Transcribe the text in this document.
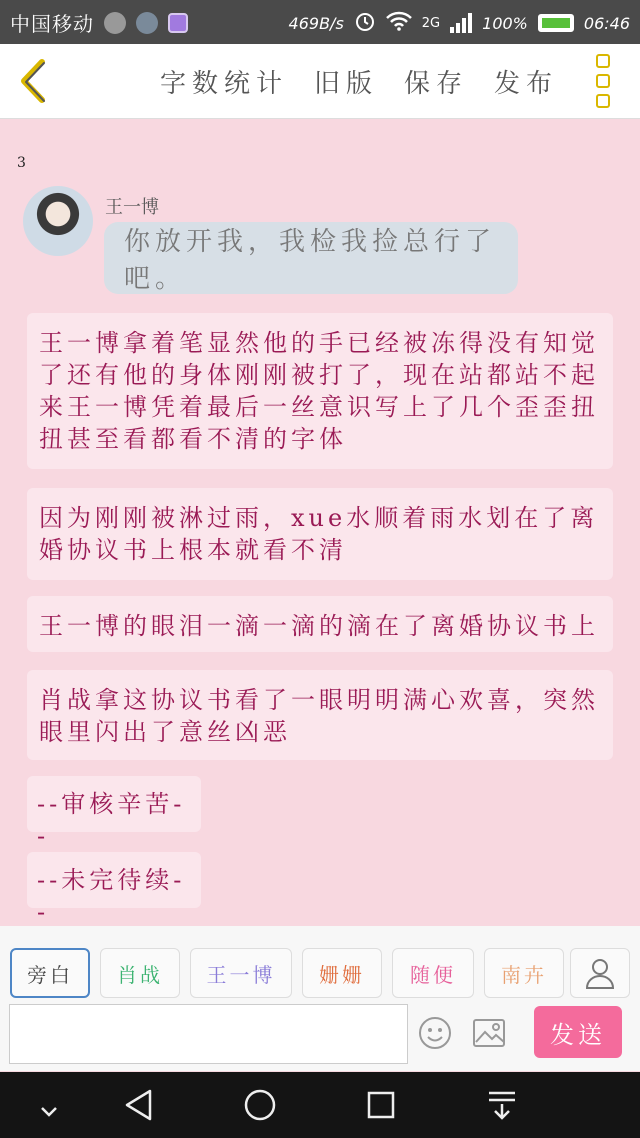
中国移动	469B/s	2G	100%	06:46
字数统计 旧版 保存 发布
3
王一博
你放开我，我检我捡总行了吧。
王一博拿着笔显然他的手已经被冻得没有知觉了还有他的身体刚刚被打了，现在站都站不起来王一博凭着最后一丝意识写上了几个歪歪扭扭甚至看都看不清的字体
因为刚刚被淋过雨，xue水顺着雨水划在了离婚协议书上根本就看不清
王一博的眼泪一滴一滴的滴在了离婚协议书上
肖战拿这协议书看了一眼明明满心欢喜，突然眼里闪出了意丝凶恶
--审核辛苦--
--未完待续--
旁白	肖战	王一博	姗姗	随便	南卉
发送
